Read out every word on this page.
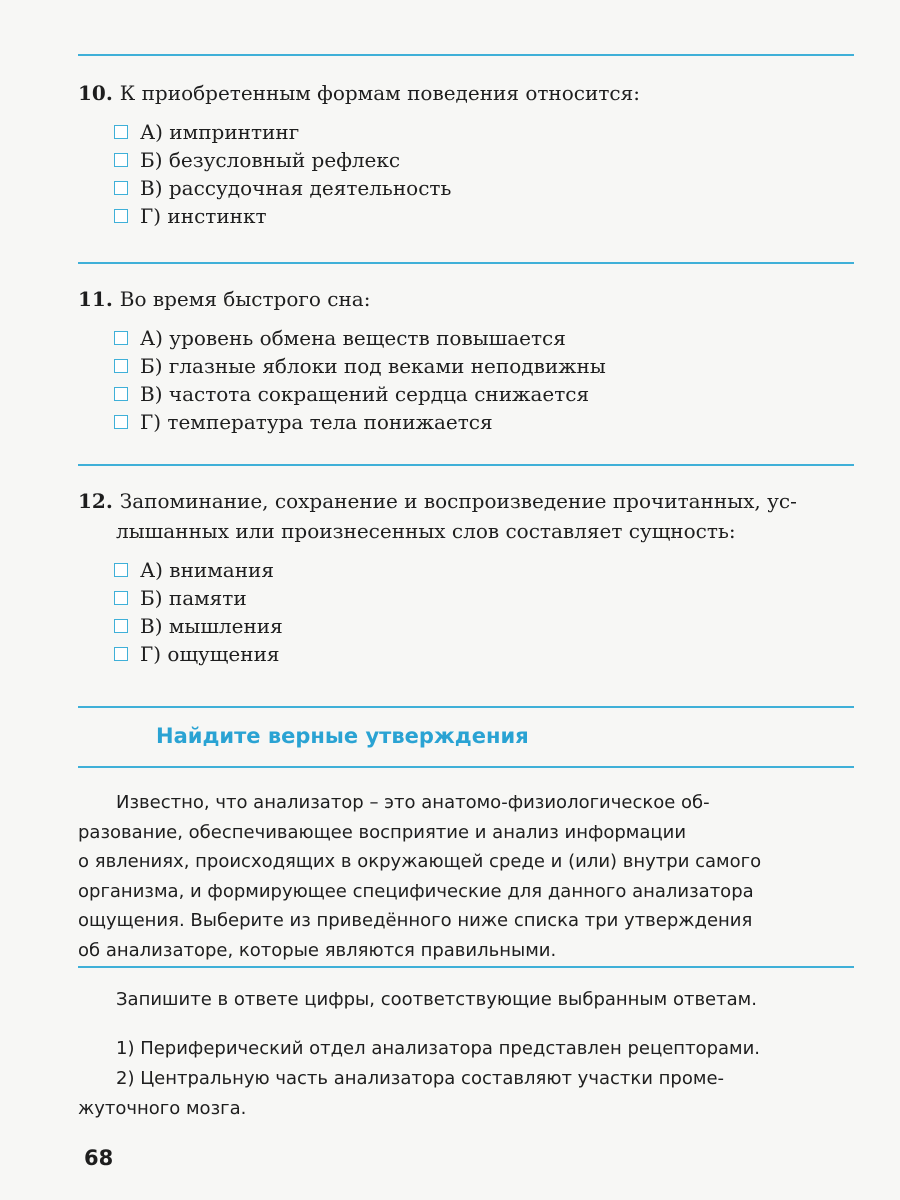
10. К приобретенным формам поведения относится:

А) импринтинг
Б) безусловный рефлекс
В) рассудочная деятельность
Г) инстинкт

11. Во время быстрого сна:

А) уровень обмена веществ повышается
Б) глазные яблоки под веками неподвижны
В) частота сокращений сердца снижается
Г) температура тела понижается

12. Запоминание, сохранение и воспроизведение прочитанных, ус-
лышанных или произнесенных слов составляет сущность:

А) внимания
Б) памяти
В) мышления
Г) ощущения
Найдите верные утверждения
Известно, что анализатор – это анатомо-физиологическое об-
разование, обеспечивающее восприятие и анализ информации
о явлениях, происходящих в окружающей среде и (или) внутри самого
организма, и формирующее специфические для данного анализатора
ощущения. Выберите из приведённого ниже списка три утверждения
об анализаторе, которые являются правильными.

Запишите в ответе цифры, соответствующие выбранным ответам.

1) Периферический отдел анализатора представлен рецепторами.

2) Центральную часть анализатора составляют участки проме-

жуточного мозга.

68
